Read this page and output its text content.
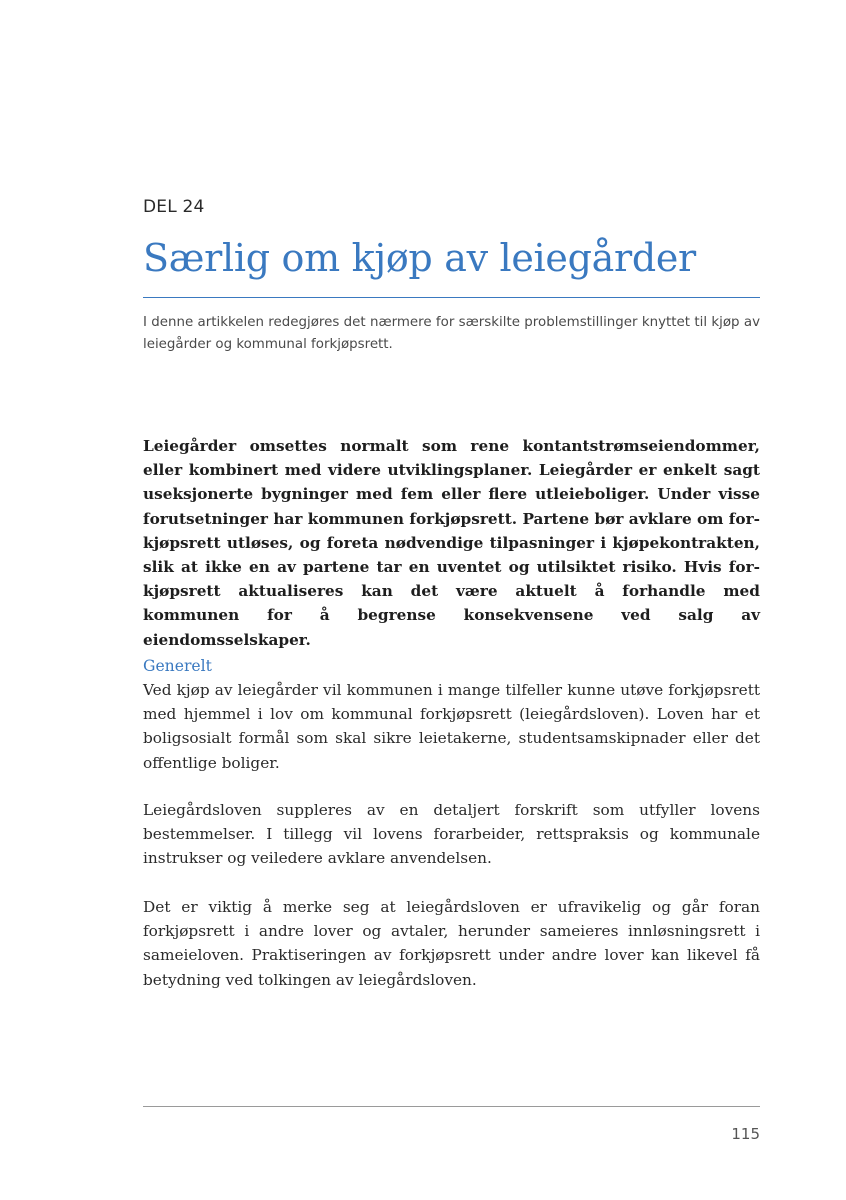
DEL 24
Særlig om kjøp av leiegårder

I denne artikkelen redegjøres det nærmere for særskilte problemstillinger knyttet til kjøp av leiegårder og kommunal forkjøpsrett.

Leiegårder omsettes normalt som rene kontantstrømseiendommer, eller kombinert med videre utviklingsplaner. Leiegårder er enkelt sagt useksjonerte bygninger med fem eller flere utleieboliger. Under visse forutsetninger har kommunen forkjøpsrett. Partene bør avklare om forkjøpsrett utløses, og foreta nødvendige tilpasninger i kjøpekontrakten, slik at ikke en av partene tar en uventet og utilsiktet risiko. Hvis forkjøpsrett aktualiseres kan det være aktuelt å forhandle med kommunen for å begrense konsekvensene ved salg av eiendomsselskaper.

Generelt

Ved kjøp av leiegårder vil kommunen i mange tilfeller kunne utøve forkjøpsrett med hjemmel i lov om kommunal forkjøpsrett (leiegårdsloven). Loven har et boligsosialt formål som skal sikre leietakerne, studentsamskipnader eller det offentlige boliger.

Leiegårdsloven suppleres av en detaljert forskrift som utfyller lovens bestemmelser. I tillegg vil lovens forarbeider, rettspraksis og kommunale instrukser og veiledere avklare anvendelsen.

Det er viktig å merke seg at leiegårdsloven er ufravikelig og går foran forkjøpsrett i andre lover og avtaler, herunder sameieres innløsningsrett i sameieloven. Praktiseringen av forkjøpsrett under andre lover kan likevel få betydning ved tolkingen av leiegårdsloven.

115
